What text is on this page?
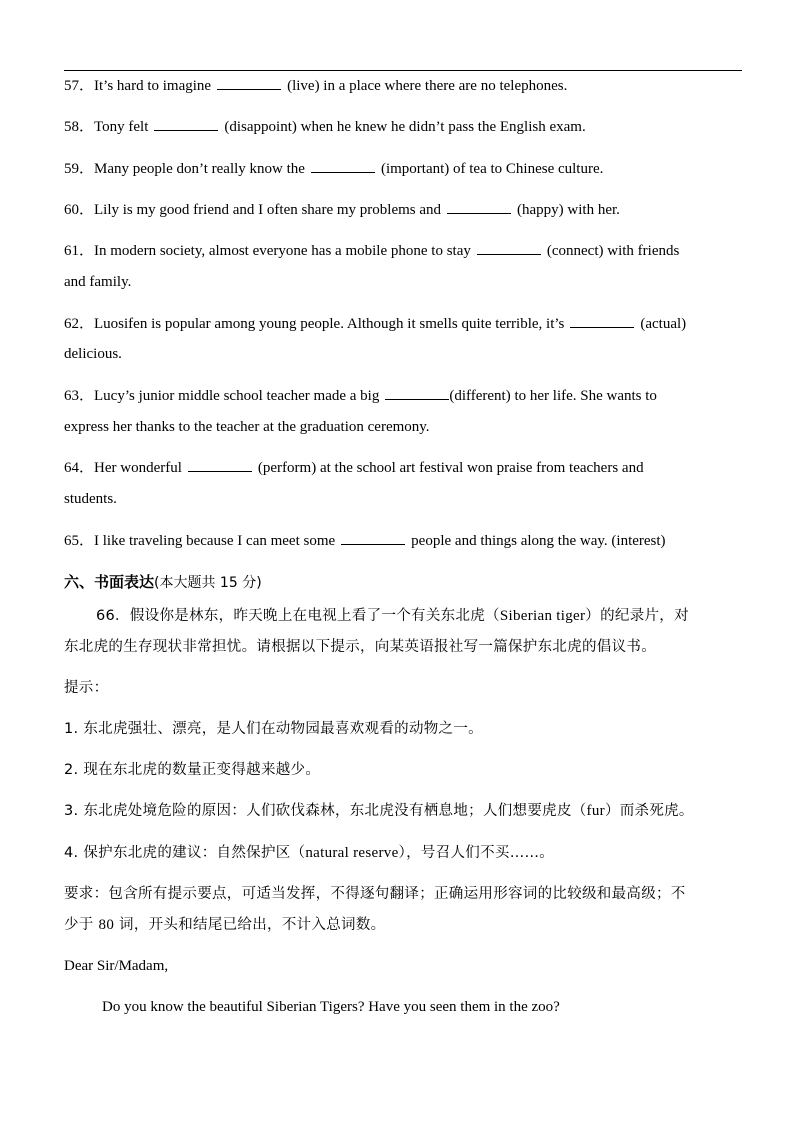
57．It’s hard to imagine	(live) in a place where there are no telephones.
58．Tony felt	(disappoint) when he knew he didn’t pass the English exam.
59．Many people don’t really know the	(important) of tea to Chinese culture.
60．Lily is my good friend and I often share my problems and	(happy) with her.
61．In modern society, almost everyone has a mobile phone to stay	(connect) with friends
and family.
62．Luosifen is popular among young people. Although it smells quite terrible, it’s	(actual)
delicious.
63．Lucy’s junior middle school teacher made a big	(different) to her life. She wants to
express her thanks to the teacher at the graduation ceremony.
64．Her wonderful	(perform) at the school art festival won praise from teachers and
students.
65．I like traveling because I can meet some	people and things along the way. (interest)
六、书面表达(本大题共 15 分)
66．假设你是林东，昨天晚上在电视上看了一个有关东北虎（Siberian tiger）的纪录片，对
东北虎的生存现状非常担忧。请根据以下提示，向某英语报社写一篇保护东北虎的倡议书。
提示：
1. 东北虎强壮、漂亮，是人们在动物园最喜欢观看的动物之一。
2. 现在东北虎的数量正变得越来越少。
3. 东北虎处境危险的原因：人们砍伐森林，东北虎没有栖息地；人们想要虎皮（fur）而杀死虎。
4. 保护东北虎的建议：自然保护区（natural reserve），号召人们不买……。
要求：包含所有提示要点，可适当发挥，不得逐句翻译；正确运用形容词的比较级和最高级；不
少于 80 词，开头和结尾已给出，不计入总词数。
Dear Sir/Madam,
Do you know the beautiful Siberian Tigers? Have you seen them in the zoo?
